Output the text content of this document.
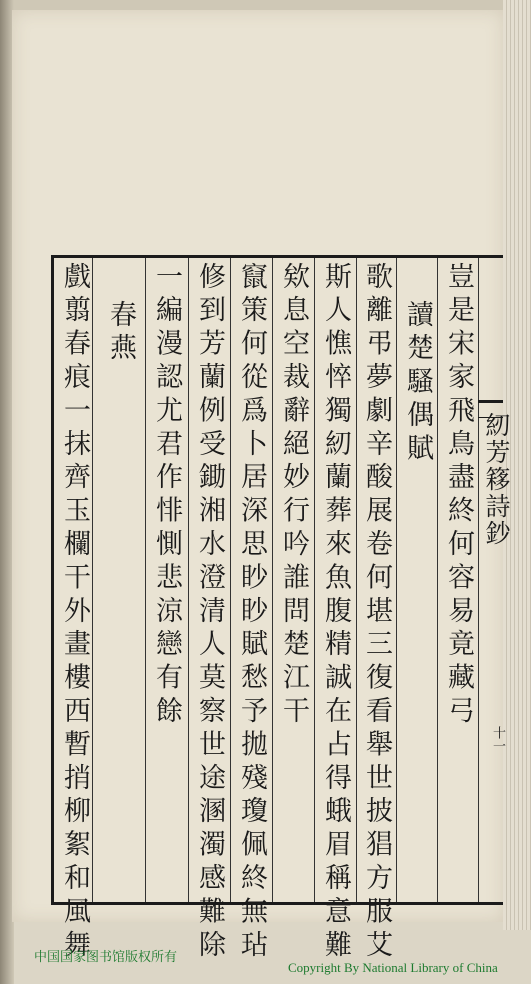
豈是宋家飛鳥盡終何容易竟藏弓
讀楚騷偶賦
歌離弔夢劇辛酸展卷何堪三復看舉世披猖方服艾
斯人憔悴獨紉蘭葬來魚腹精誠在占得蛾眉稱意難
欸息空裁辭絕妙行吟誰問楚江干
竄策何從爲卜居深思眇眇賦愁予拋殘瓊佩終無玷
修到芳蘭例受鋤湘水澄清人莫察世途溷濁感難除
一編漫認尤君作悱惻悲涼戀有餘
春燕
戲翦春痕一抹齊玉欄干外畫樓西暫捎柳絮和風舞	紉芳簃詩鈔
十一
中国国家图书馆版权所有
Copyright By National Library of China
